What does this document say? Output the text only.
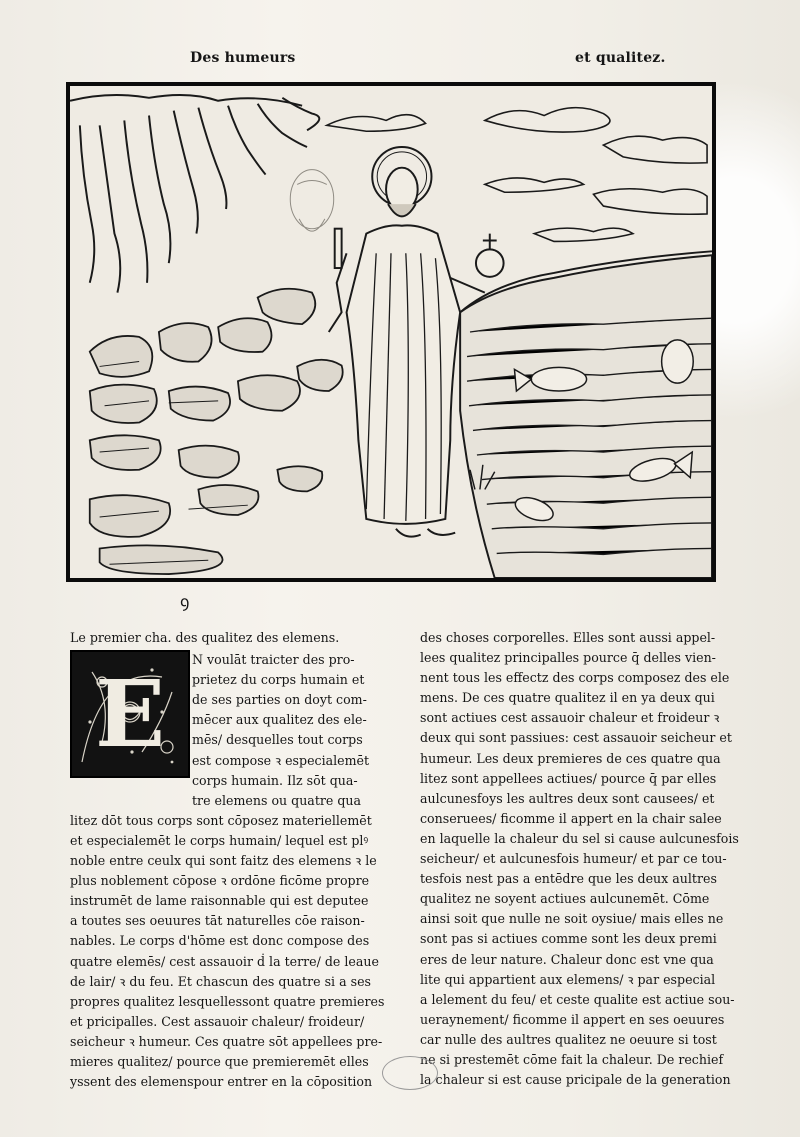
Des humeurs	et qualitez.
ꝯ
E

Le premier cha. des qualitez des elemens.

N voulāt traicter des pro-

prietez du corps humain et

de ses parties on doyt com-

mēcer aux qualitez des ele-

mēs/ desquelles tout corps

est compose ꝛ especialemēt

corps humain. Ilz sōt qua-

tre elemens ou quatre qua

litez dōt tous corps sont cōposez materiellemēt

et especialemēt le corps humain/ lequel est plꝰ

noble entre ceulx qui sont faitz des elemens ꝛ le

plus noblement cōpose ꝛ ordōne ficōme propre

instrumēt de lame raisonnable qui est deputee

a toutes ses oeuures tāt naturelles cōe raison-

nables. Le corps d'hōme est donc compose des

quatre elemēs/ cest assauoir ḋ la terre/ de leaue

de lair/ ꝛ du feu. Et chascun des quatre si a ses

propres qualitez lesquellessont quatre premieres

et pricipalles. Cest assauoir chaleur/ froideur/

seicheur ꝛ humeur. Ces quatre sōt appellees pre-

mieres qualitez/ pource que premieremēt elles

yssent des elemenspour entrer en la cōposition

des choses corporelles. Elles sont aussi appel-

lees qualitez principalles pource q̄ delles vien-

nent tous les effectz des corps composez des ele

mens. De ces quatre qualitez il en ya deux qui

sont actiues cest assauoir chaleur et froideur ꝛ

deux qui sont passiues: cest assauoir seicheur et

humeur. Les deux premieres de ces quatre qua

litez sont appellees actiues/ pource q̄ par elles

aulcunesfoys les aultres deux sont causees/ et

conseruees/ ficomme il appert en la chair salee

en laquelle la chaleur du sel si cause aulcunesfois

seicheur/ et aulcunesfois humeur/ et par ce tou-

tesfois nest pas a entēdre que les deux aultres

qualitez ne soyent actiues aulcunemēt. Cōme

ainsi soit que nulle ne soit oysiue/ mais elles ne

sont pas si actiues comme sont les deux premi

eres de leur nature. Chaleur donc est vne qua

lite qui appartient aux elemens/ ꝛ par especial

a lelement du feu/ et ceste qualite est actiue sou-

ueraynement/ ficomme il appert en ses oeuures

car nulle des aultres qualitez ne oeuure si tost

ne si prestemēt cōme fait la chaleur. De rechief

la chaleur si est cause pricipale de la generation
